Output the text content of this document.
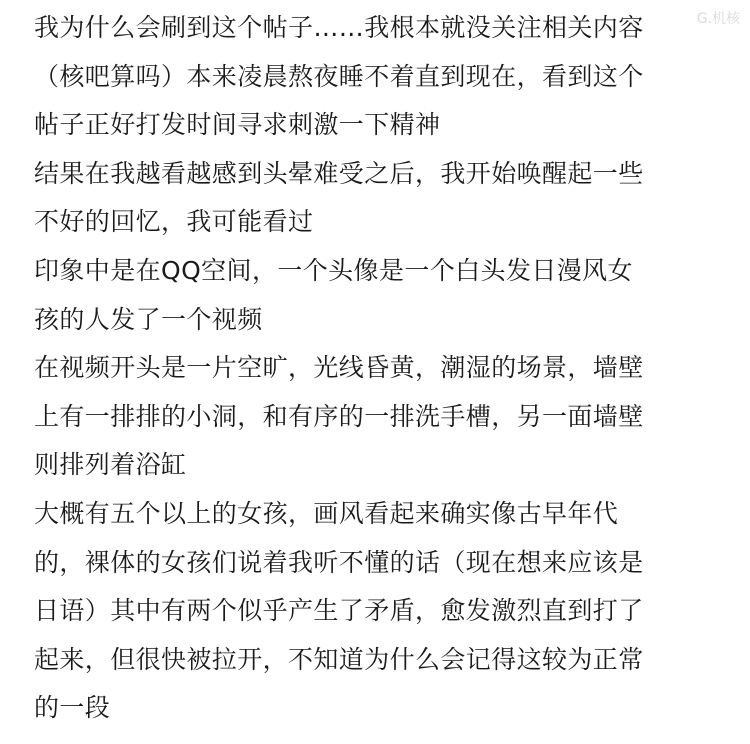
G.机核
我为什么会刷到这个帖子……我根本就没关注相关内容
（核吧算吗）本来凌晨熬夜睡不着直到现在，看到这个
帖子正好打发时间寻求刺激一下精神
结果在我越看越感到头晕难受之后，我开始唤醒起一些
不好的回忆，我可能看过
印象中是在QQ空间，一个头像是一个白头发日漫风女
孩的人发了一个视频
在视频开头是一片空旷，光线昏黄，潮湿的场景，墙壁
上有一排排的小洞，和有序的一排洗手槽，另一面墙壁
则排列着浴缸
大概有五个以上的女孩，画风看起来确实像古早年代
的，裸体的女孩们说着我听不懂的话（现在想来应该是
日语）其中有两个似乎产生了矛盾，愈发激烈直到打了
起来，但很快被拉开，不知道为什么会记得这较为正常
的一段
